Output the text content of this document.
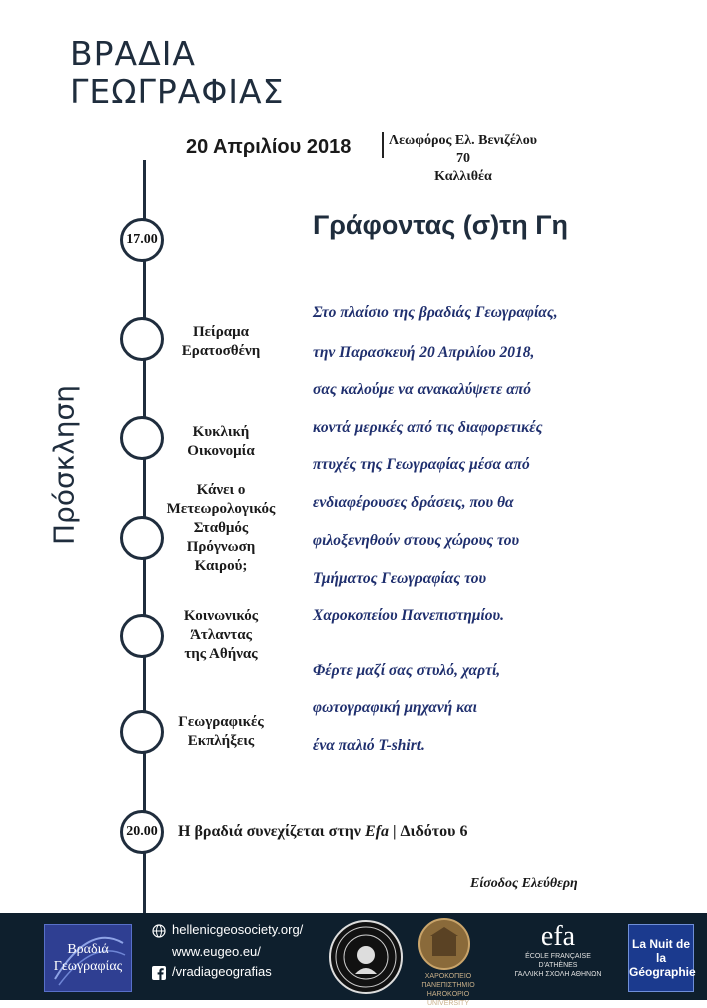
ΒΡΑΔΙΑ
ΓΕΩΓΡΑΦΙΑΣ
20 Απριλίου 2018	Λεωφόρος Ελ. Βενιζέλου 70
Καλλιθέα
Πρόσκληση
17.00
20.00
Πείραμα
Ερατοσθένη
Κυκλική
Οικονομία
Κάνει ο
Μετεωρολογικός
Σταθμός
Πρόγνωση
Καιρού;
Κοινωνικός
Άτλαντας
της Αθήνας
Γεωγραφικές
Εκπλήξεις
Γράφοντας (σ)τη Γη
Στο πλαίσιο της βραδιάς Γεωγραφίας,
την Παρασκευή 20 Απριλίου 2018,
σας καλούμε να ανακαλύψετε από
κοντά μερικές από τις διαφορετικές
πτυχές της Γεωγραφίας μέσα από
ενδιαφέρουσες δράσεις, που θα
φιλοξενηθούν στους χώρους του
Τμήματος Γεωγραφίας του
Χαροκοπείου Πανεπιστημίου.
Φέρτε μαζί σας στυλό, χαρτί,
φωτογραφική μηχανή και
ένα παλιό T-shirt.
Η βραδιά συνεχίζεται στην Efa | Διδότου 6
Είσοδος Ελεύθερη
Βραδιά
Γεωγραφίας
hellenicgeosociety.org/
www.eugeo.eu/
/vradiageografias	ΧΑΡΟΚΟΠΕΙΟ ΠΑΝΕΠΙΣΤΗΜΙΟ
HAROKOPIO UNIVERSITY
efa
ÉCOLE FRANÇAISE D'ATHÈNES
ΓΑΛΛΙΚΗ ΣΧΟΛΗ ΑΘΗΝΩΝ
La Nuit de la
Géographie
